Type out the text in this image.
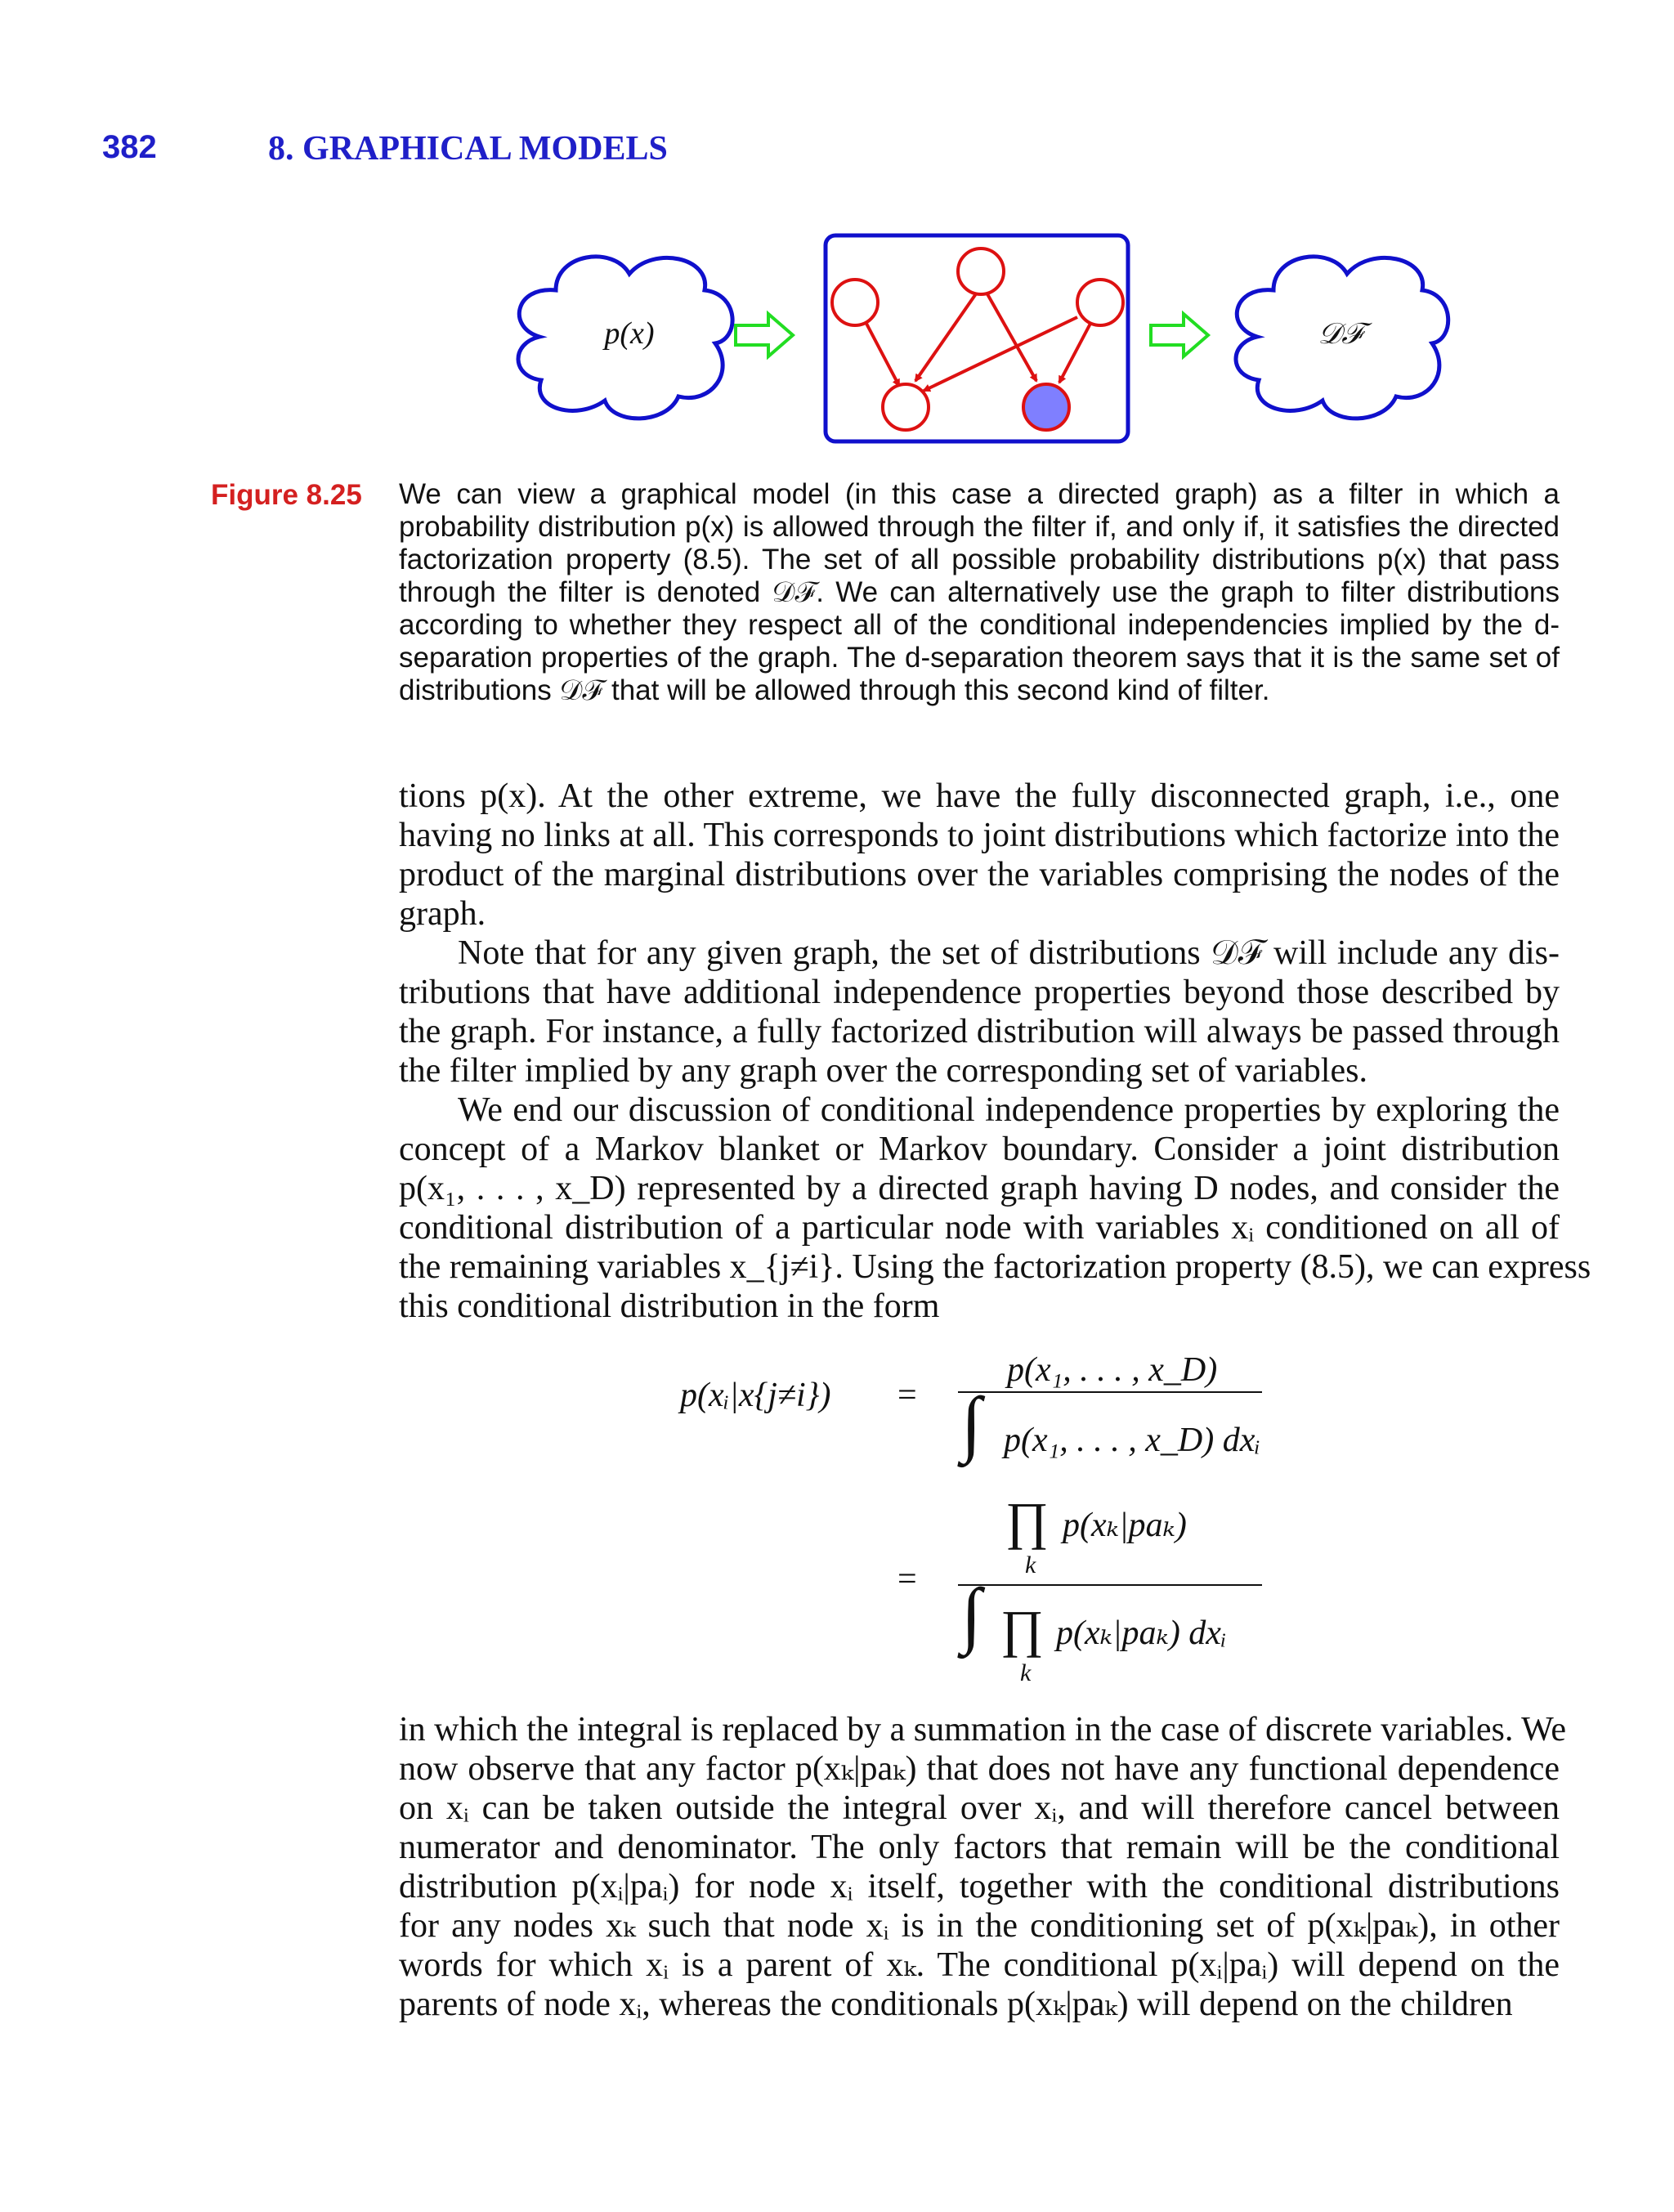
382	8. GRAPHICAL MODELS
p(x)	𝒟ℱ
Figure 8.25 We can view a graphical model (in this case a directed graph) as a filter in which a probability distribution p(x) is allowed through the filter if, and only if, it satisfies the directed factorization property (8.5). The set of all possible probability distributions p(x) that pass through the filter is denoted 𝒟ℱ. We can alternatively use the graph to filter distributions according to whether they respect all of the conditional independencies implied by the d-separation properties of the graph. The d-separation theorem says that it is the same set of distributions 𝒟ℱ that will be allowed through this second kind of filter.
tions p(x). At the other extreme, we have the fully disconnected graph, i.e., one
having no links at all. This corresponds to joint distributions which factorize into the
product of the marginal distributions over the variables comprising the nodes of the
graph.
Note that for any given graph, the set of distributions 𝒟ℱ will include any dis-
tributions that have additional independence properties beyond those described by
the graph. For instance, a fully factorized distribution will always be passed through
the filter implied by any graph over the corresponding set of variables.
We end our discussion of conditional independence properties by exploring the
concept of a Markov blanket or Markov boundary. Consider a joint distribution
p(x₁, . . . , x_D) represented by a directed graph having D nodes, and consider the
conditional distribution of a particular node with variables xᵢ conditioned on all of
the remaining variables x_{j≠i}. Using the factorization property (8.5), we can express
this conditional distribution in the form
p(xᵢ|x{j≠i}) =
p(x₁, . . . , x_D)
∫ p(x₁, . . . , x_D) dxᵢ
=
∏ p(xₖ|paₖ)
k
∫ ∏ p(xₖ|paₖ) dxᵢ
k
in which the integral is replaced by a summation in the case of discrete variables. We
now observe that any factor p(xₖ|paₖ) that does not have any functional dependence
on xᵢ can be taken outside the integral over xᵢ, and will therefore cancel between
numerator and denominator. The only factors that remain will be the conditional
distribution p(xᵢ|paᵢ) for node xᵢ itself, together with the conditional distributions
for any nodes xₖ such that node xᵢ is in the conditioning set of p(xₖ|paₖ), in other
words for which xᵢ is a parent of xₖ. The conditional p(xᵢ|paᵢ) will depend on the
parents of node xᵢ, whereas the conditionals p(xₖ|paₖ) will depend on the children
